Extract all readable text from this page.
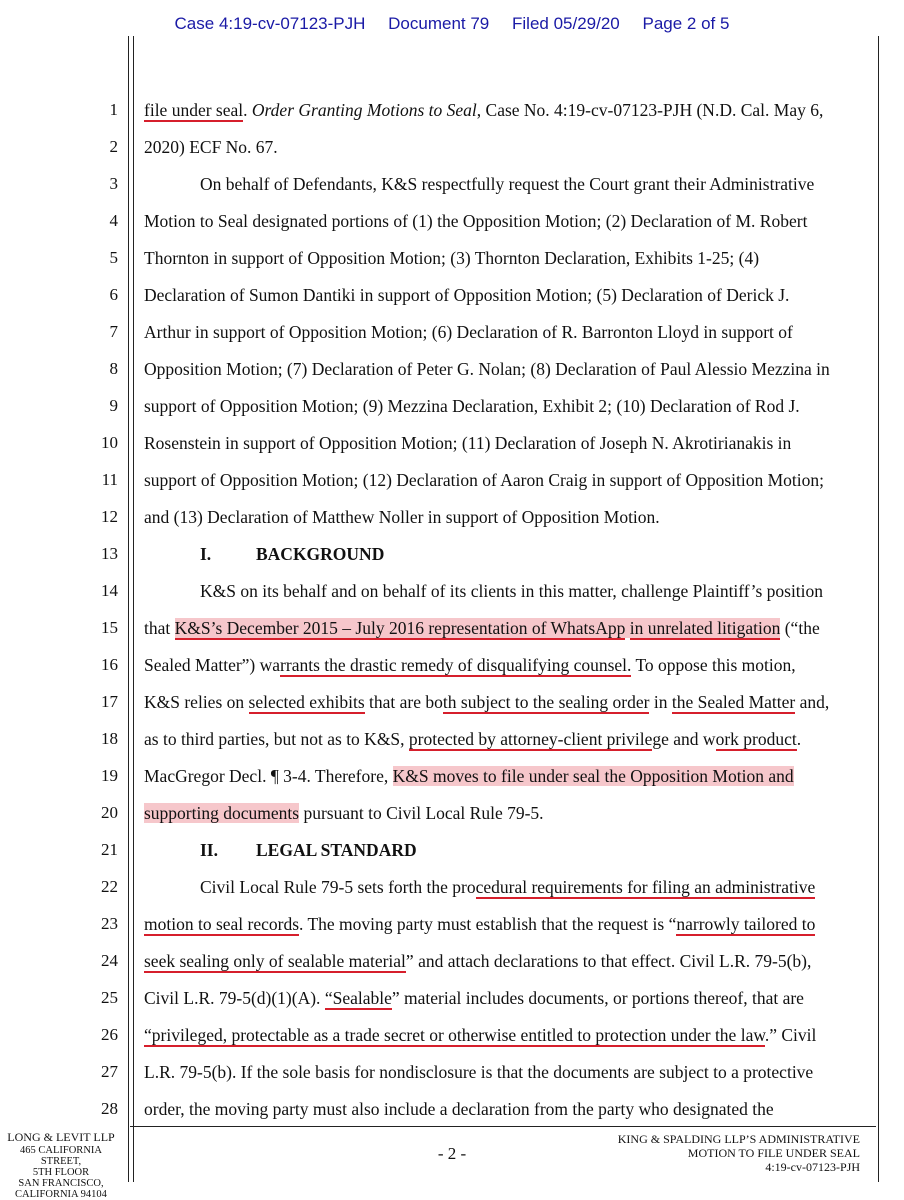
Case 4:19-cv-07123-PJH Document 79 Filed 05/29/20 Page 2 of 5
1
2
3
4
5
6
7
8
9
10
11
12
13
14
15
16
17
18
19
20
21
22
23
24
25
26
27
28
file under seal. Order Granting Motions to Seal, Case No. 4:19-cv-07123-PJH (N.D. Cal. May 6,
2020) ECF No. 67.
On behalf of Defendants, K&S respectfully request the Court grant their Administrative
Motion to Seal designated portions of (1) the Opposition Motion; (2) Declaration of M. Robert
Thornton in support of Opposition Motion; (3) Thornton Declaration, Exhibits 1-25; (4)
Declaration of Sumon Dantiki in support of Opposition Motion; (5) Declaration of Derick J.
Arthur in support of Opposition Motion; (6) Declaration of R. Barronton Lloyd in support of
Opposition Motion; (7) Declaration of Peter G. Nolan; (8) Declaration of Paul Alessio Mezzina in
support of Opposition Motion; (9) Mezzina Declaration, Exhibit 2; (10) Declaration of Rod J.
Rosenstein in support of Opposition Motion; (11) Declaration of Joseph N. Akrotirianakis in
support of Opposition Motion; (12) Declaration of Aaron Craig in support of Opposition Motion;
and (13) Declaration of Matthew Noller in support of Opposition Motion.
I.	BACKGROUND
K&S on its behalf and on behalf of its clients in this matter, challenge Plaintiff’s position
that K&S’s December 2015 – July 2016 representation of WhatsApp in unrelated litigation (“the
Sealed Matter”) warrants the drastic remedy of disqualifying counsel. To oppose this motion,
K&S relies on selected exhibits that are both subject to the sealing order in the Sealed Matter and,
as to third parties, but not as to K&S, protected by attorney-client privilege and work product.
MacGregor Decl. ¶ 3-4. Therefore, K&S moves to file under seal the Opposition Motion and
supporting documents pursuant to Civil Local Rule 79-5.
II. LEGAL STANDARD
Civil Local Rule 79-5 sets forth the procedural requirements for filing an administrative
motion to seal records. The moving party must establish that the request is “narrowly tailored to
seek sealing only of sealable material” and attach declarations to that effect. Civil L.R. 79-5(b),
Civil L.R. 79-5(d)(1)(A). “Sealable” material includes documents, or portions thereof, that are
“privileged, protectable as a trade secret or otherwise entitled to protection under the law.” Civil
L.R. 79-5(b). If the sole basis for nondisclosure is that the documents are subject to a protective
order, the moving party must also include a declaration from the party who designated the
LONG & LEVIT LLP
465 CALIFORNIA STREET,
5TH FLOOR
SAN FRANCISCO,
CALIFORNIA 94104
- 2 -
KING & SPALDING LLP’S ADMINISTRATIVE
MOTION TO FILE UNDER SEAL
4:19-cv-07123-PJH
